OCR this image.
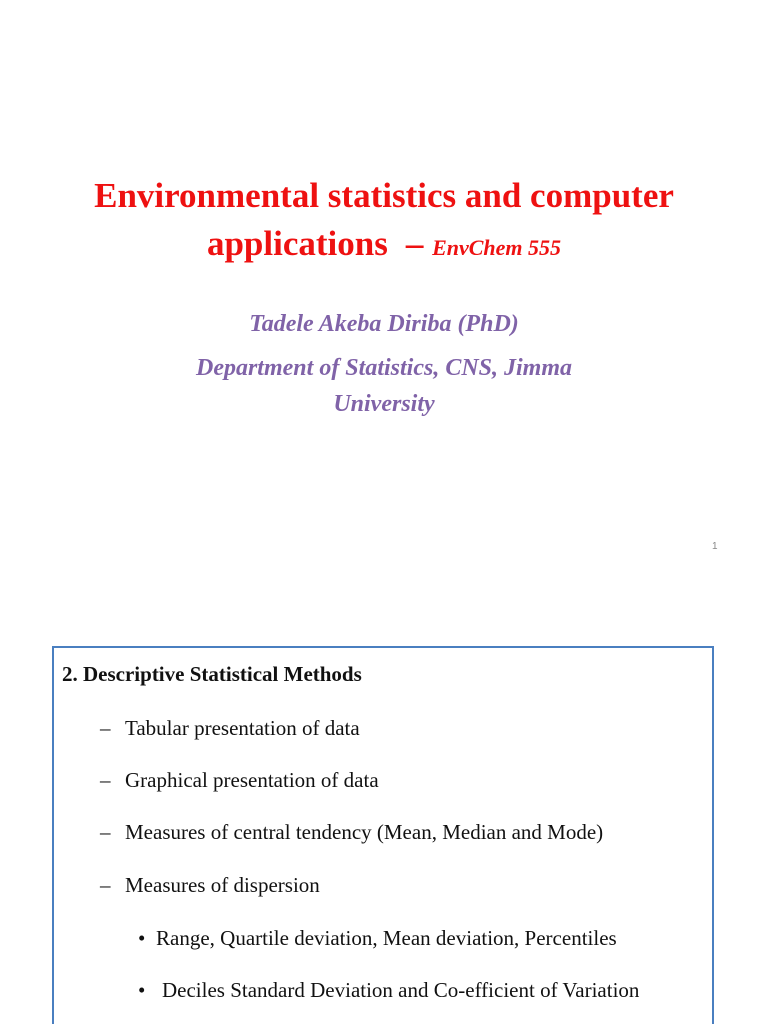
Environmental statistics and computer
applications – EnvChem 555
Tadele Akeba Diriba (PhD)
Department of Statistics, CNS, Jimma
University
1
2. Descriptive Statistical Methods
– Tabular presentation of data
– Graphical presentation of data
– Measures of central tendency (Mean, Median and Mode)
– Measures of dispersion
• Range, Quartile deviation, Mean deviation, Percentiles
• Deciles Standard Deviation and Co-efficient of Variation
